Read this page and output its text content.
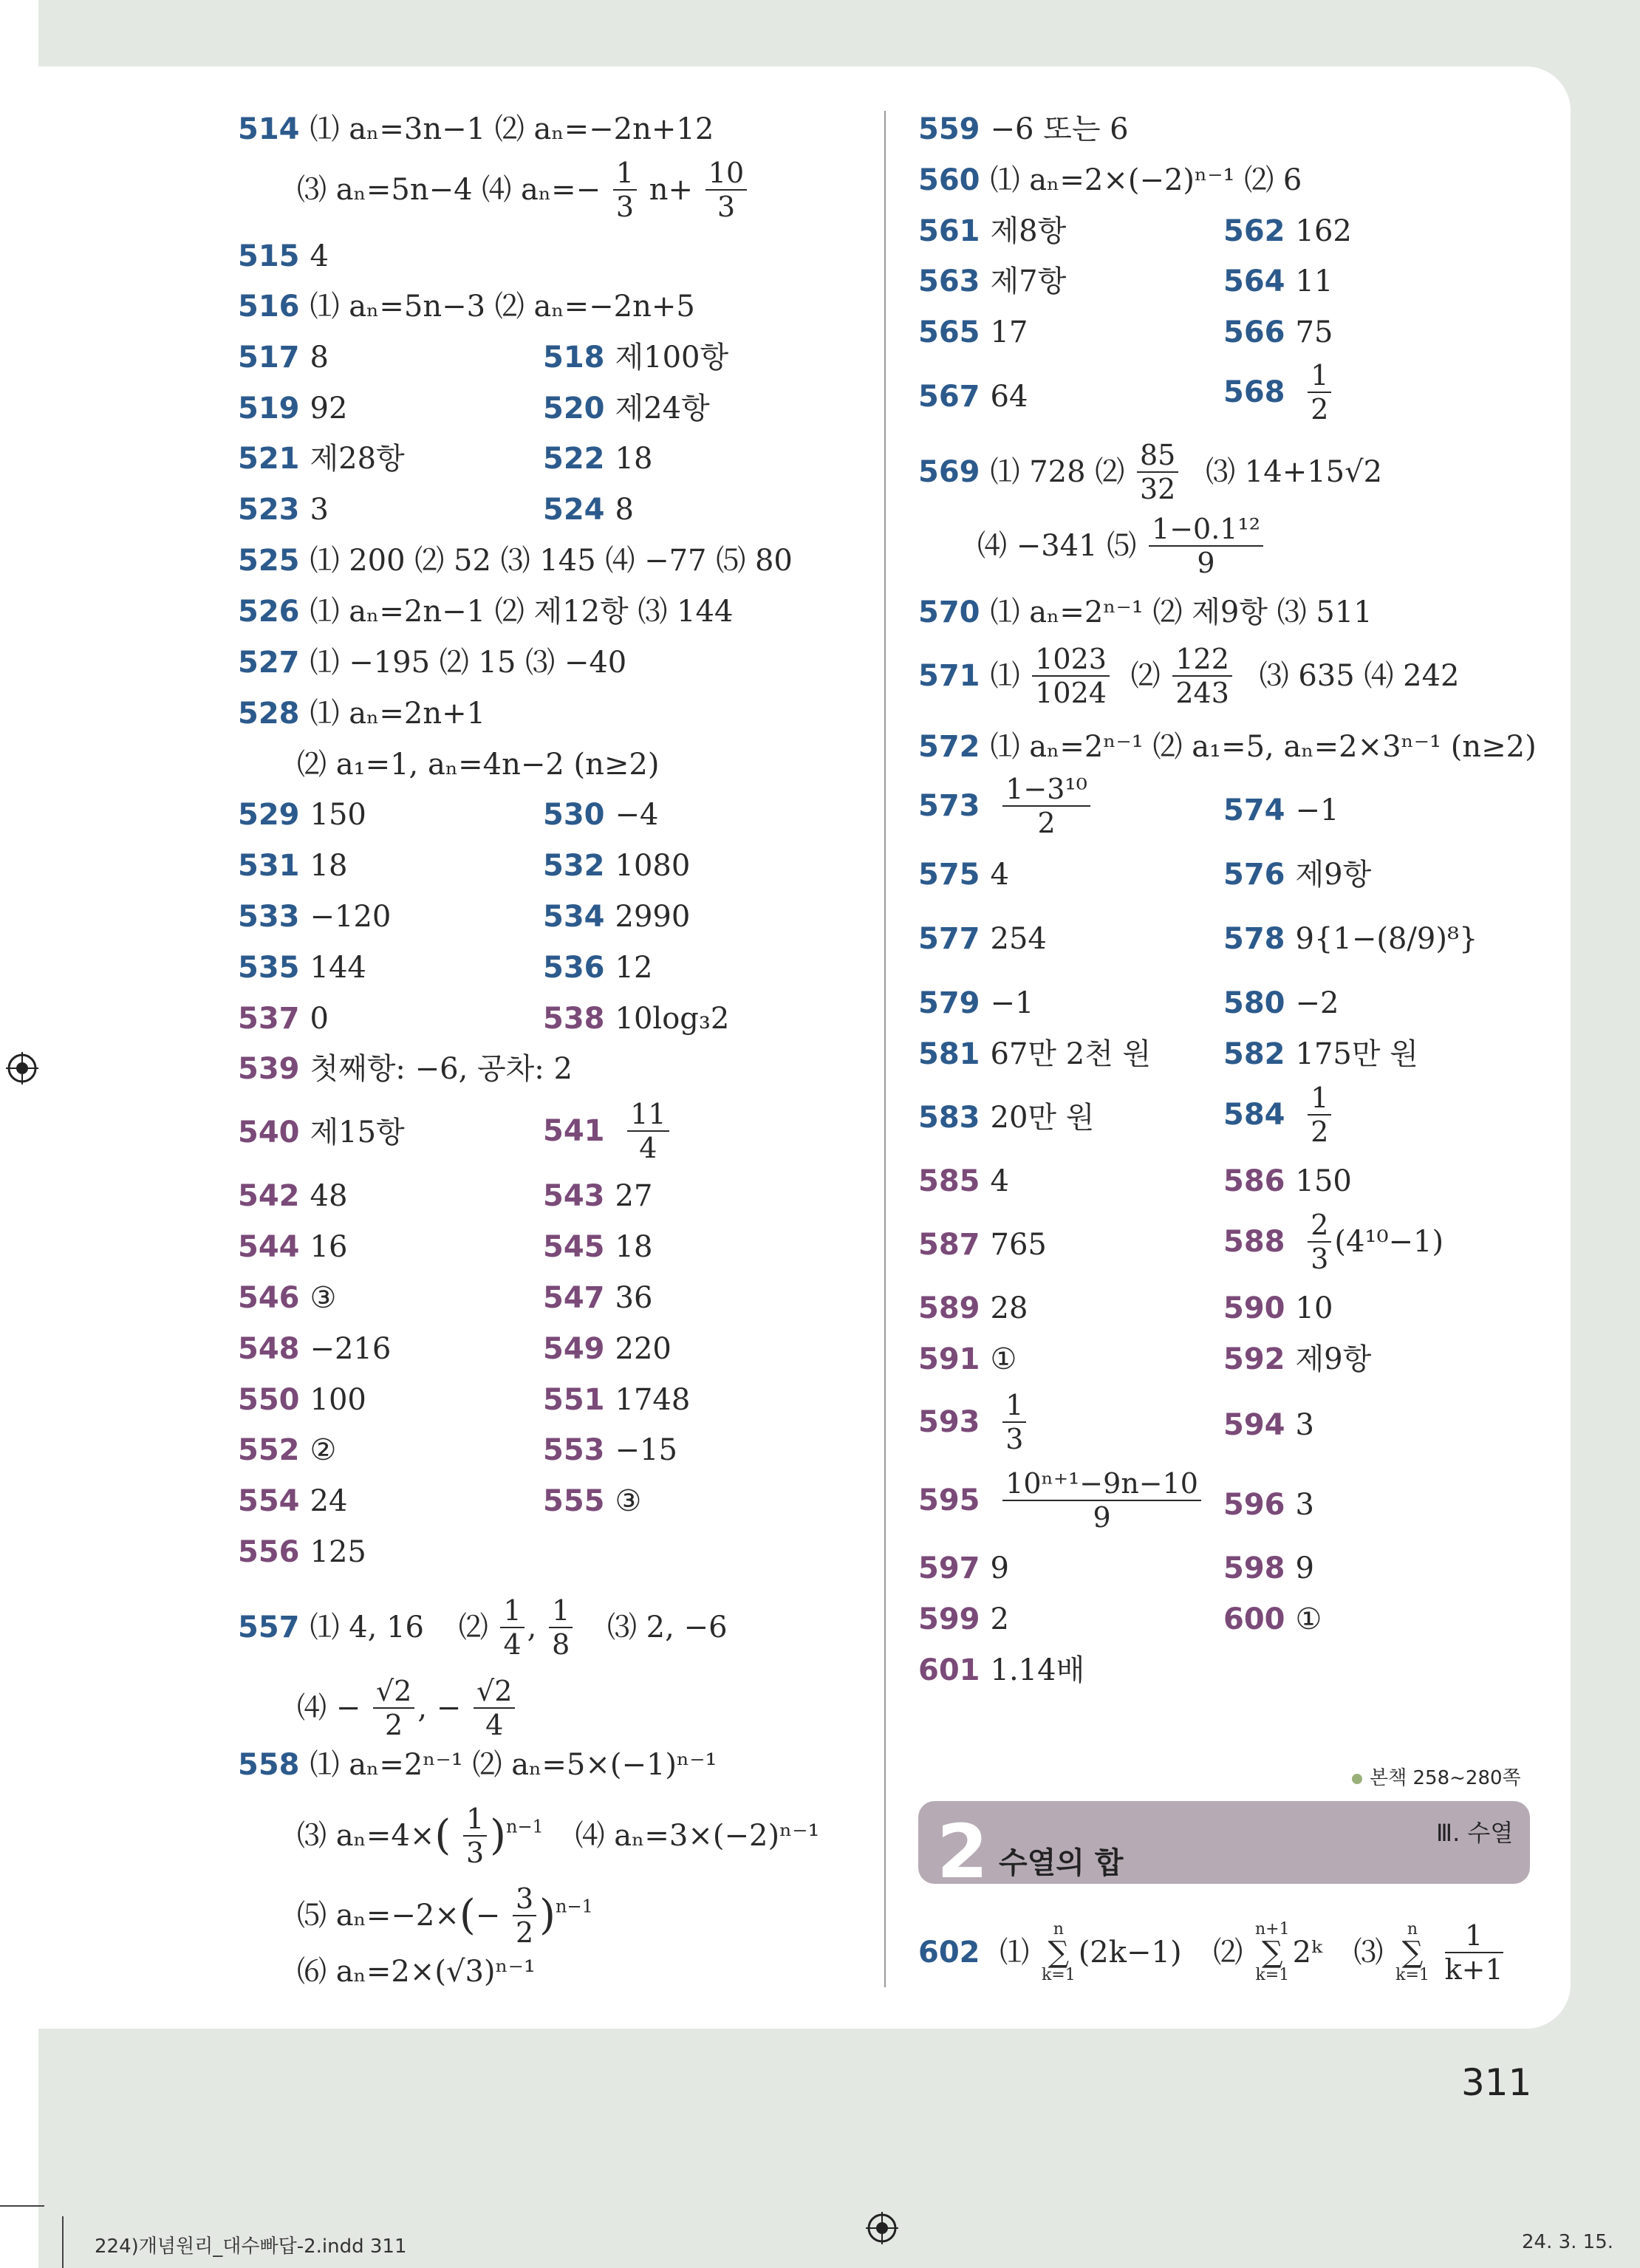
514 ⑴ aₙ=3n−1 ⑵ aₙ=−2n+12
⑶ aₙ=5n−4 ⑷ $a_n=- \frac{1}{3} n+ \frac{10}{3}$
515 4
516 ⑴ aₙ=5n−3 ⑵ aₙ=−2n+5
517 8	518 제100항
519 92	520 제24항
521 제28항	522 18
523 3	524 8
525 ⑴ 200 ⑵ 52 ⑶ 145 ⑷ −77 ⑸ 80
526 ⑴ aₙ=2n−1 ⑵ 제12항 ⑶ 144
527 ⑴ −195 ⑵ 15 ⑶ −40
528 ⑴ aₙ=2n+1
⑵ a₁=1, aₙ=4n−2 (n≥2)
529 150	530 −4
531 18	532 1080
533 −120	534 2990
535 144	536 12
537 0	538 10log₃2
539 첫째항: −6, 공차: 2
540 제15항	$541 \frac{11}{4}$
542 48	543 27
544 16	545 18
546 ③	547 36
548 −216	549 220
550 100	551 1748
552 ②	553 −15
554 24	555 ③
556 125
557 ⑴ 4, 16 ⑵ $\frac{1}{4}$ , $\frac{1}{8}$ ⑶ 2, −6
⑷ − $\frac{√2}{2}$ , − $\frac{√2}{4}$
558 ⑴ aₙ=2ⁿ⁻¹ ⑵ aₙ=5×(−1)ⁿ⁻¹
⑶ $a_n=4\times( \frac{1}{3} )^{n-1}$ ⑷ aₙ=3×(−2)ⁿ⁻¹
⑸ $a_n=-2\times(- \frac{3}{2} )^{n-1}$
⑹ aₙ=2×(√3)ⁿ⁻¹
559 −6 또는 6
560 ⑴ aₙ=2×(−2)ⁿ⁻¹ ⑵ 6
561 제8항	562 162
563 제7항	564 11
565 17	566 75
567 64	$568 \frac{1}{2}$
569 ⑴ 728 ⑵ $\frac{85}{32}$ ⑶ 14+15√2
⑷ −341 ⑸ $\frac{\text{1−0.1¹²}}{9}$
570 ⑴ aₙ=2ⁿ⁻¹ ⑵ 제9항 ⑶ 511
571 ⑴ $\frac{1023}{1024}$ ⑵ $\frac{122}{243}$ ⑶ 635 ⑷ 242
572 ⑴ aₙ=2ⁿ⁻¹ ⑵ a₁=5, aₙ=2×3ⁿ⁻¹ (n≥2)
$573 \frac{\text{1−3¹⁰}}{2}$	574 −1
575 4	576 제9항
577 254	578 9{1−(8/9)⁸}
579 −1	580 −2
581 67만 2천 원 582 175만 원
583 20만 원	$584 \frac{1}{2}$
585 4	586 150
587 765	$588 \frac{2}{3} (4^{10}-1)$
589 28	590 10
591 ①	592 제9항
$593 \frac{1}{3}$	594 3
$595 \frac{\text{10ⁿ⁺¹−9n−10}}{9} 596$ 3
597 9	598 9
599 2	600 ①
601 1.14배
본책 258~280쪽
2 수열의 합
Ⅲ. 수열
602 ⑴ n
∑
k=1(2k−1) ⑵ n+1
∑
k=12ᵏ ⑶ n
∑
$k=1 \frac{1}{k+1}$
311
224)개념원리_대수빠답-2.indd 311	24. 3. 15.
